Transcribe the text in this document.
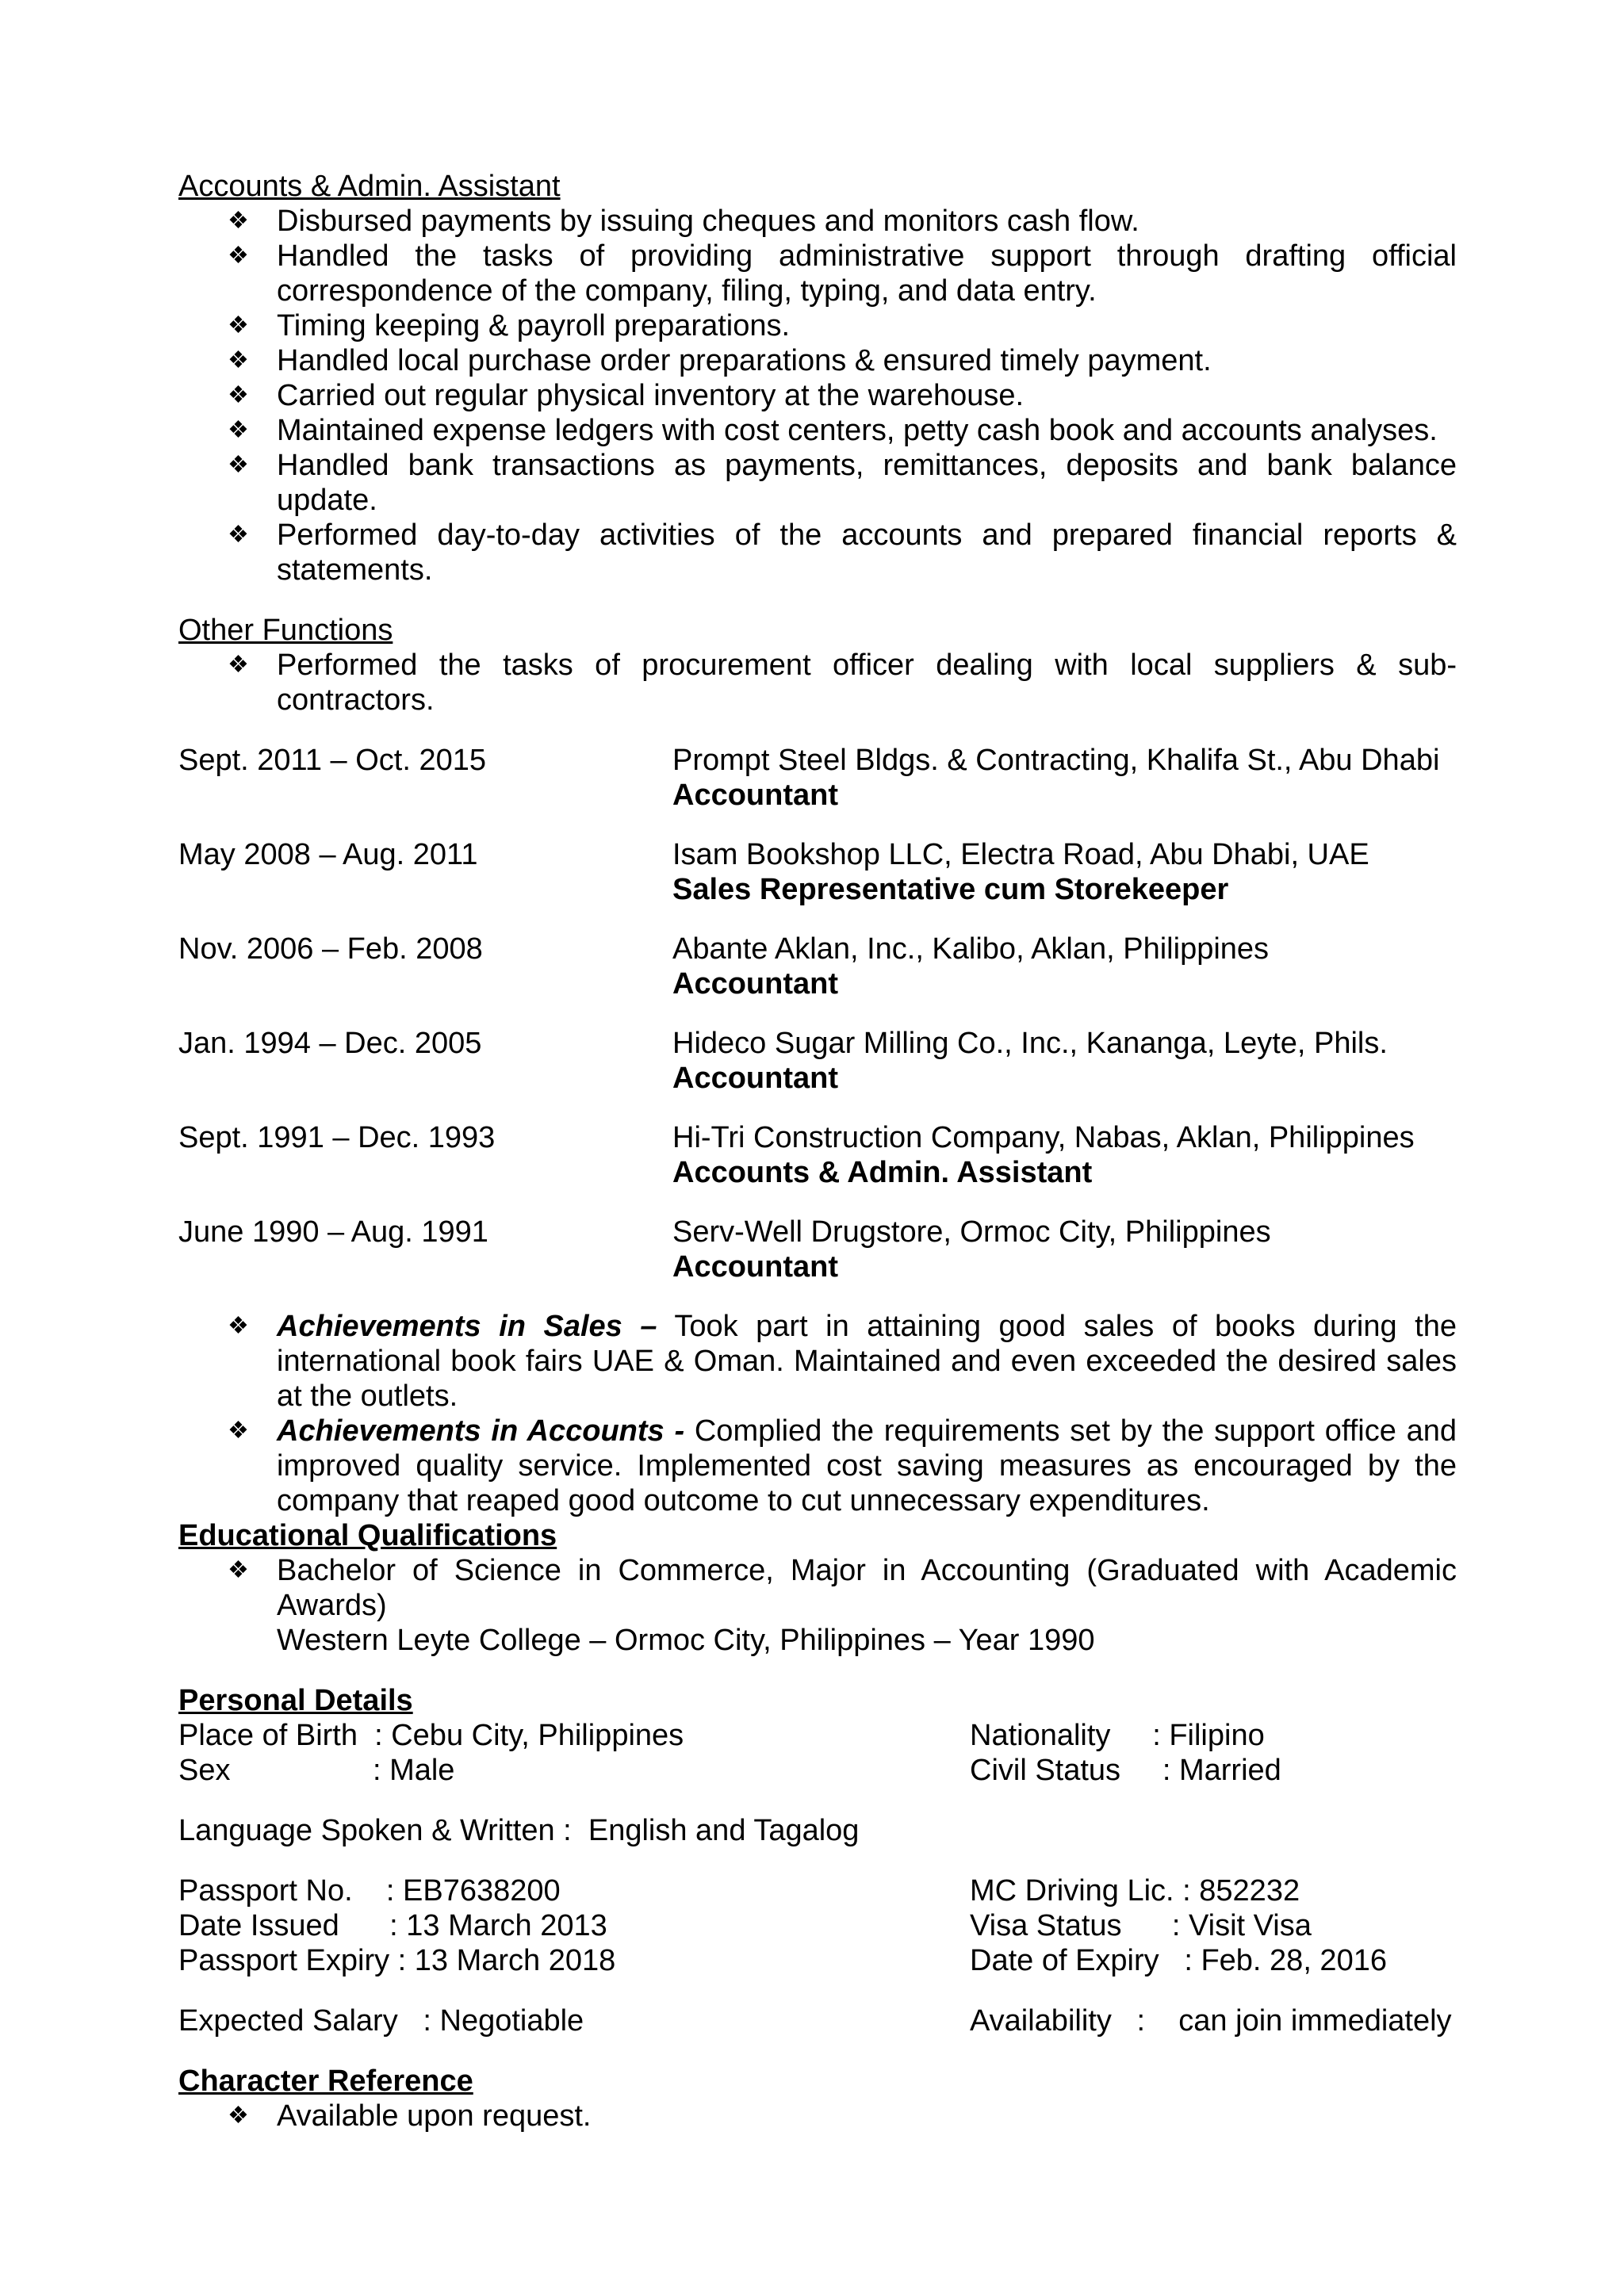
Accounts & Admin. Assistant
❖ Disbursed payments by issuing cheques and monitors cash flow.
❖ Handled the tasks of providing administrative support through drafting official correspondence of the company, filing, typing, and data entry.
❖ Timing keeping & payroll preparations.
❖ Handled local purchase order preparations & ensured timely payment.
❖ Carried out regular physical inventory at the warehouse.
❖ Maintained expense ledgers with cost centers, petty cash book and accounts analyses.
❖ Handled bank transactions as payments, remittances, deposits and bank balance update.
❖ Performed day-to-day activities of the accounts and prepared financial reports & statements.
Other Functions
❖ Performed the tasks of procurement officer dealing with local suppliers & sub-contractors.
Sept. 2011 – Oct. 2015	Prompt Steel Bldgs. & Contracting, Khalifa St., Abu Dhabi
Accountant
May 2008 – Aug. 2011	Isam Bookshop LLC, Electra Road, Abu Dhabi, UAE
Sales Representative cum Storekeeper
Nov. 2006 – Feb. 2008	Abante Aklan, Inc., Kalibo, Aklan, Philippines
Accountant
Jan. 1994 – Dec. 2005	Hideco Sugar Milling Co., Inc., Kananga, Leyte, Phils.
Accountant
Sept. 1991 – Dec. 1993	Hi-Tri Construction Company, Nabas, Aklan, Philippines
Accounts & Admin. Assistant
June 1990 – Aug. 1991	Serv-Well Drugstore, Ormoc City, Philippines
Accountant
❖ Achievements in Sales – Took part in attaining good sales of books during the international book fairs UAE & Oman. Maintained and even exceeded the desired sales at the outlets.
❖ Achievements in Accounts - Complied the requirements set by the support office and improved quality service. Implemented cost saving measures as encouraged by the company that reaped good outcome to cut unnecessary expenditures.
Educational Qualifications
❖ Bachelor of Science in Commerce, Major in Accounting (Graduated with Academic Awards)
Western Leyte College – Ormoc City, Philippines – Year 1990
Personal Details
Place of Birth  : Cebu City, Philippines	Nationality     : Filipino
Sex                 : Male	Civil Status     : Married
Language Spoken & Written : English and Tagalog
Passport No.    : EB7638200	MC Driving Lic. : 852232
Date Issued      : 13 March 2013	Visa Status      : Visit Visa
Passport Expiry : 13 March 2018	Date of Expiry   : Feb. 28, 2016
Expected Salary   : Negotiable	Availability   : can join immediately
Character Reference
❖ Available upon request.
